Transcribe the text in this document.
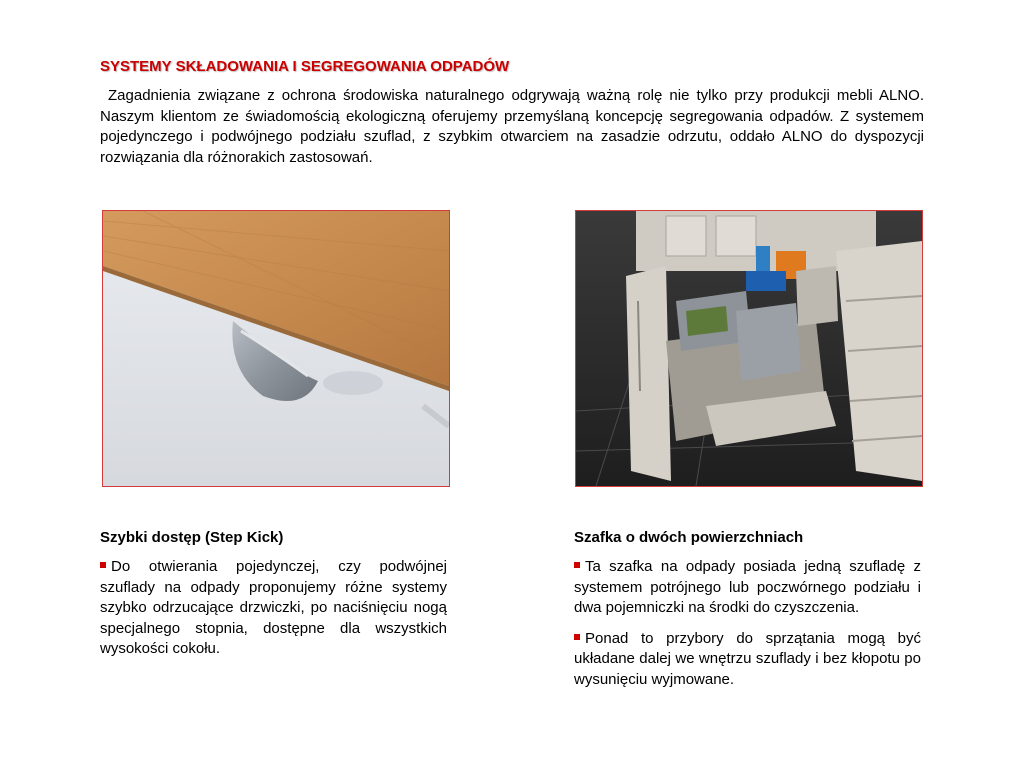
SYSTEMY SKŁADOWANIA I SEGREGOWANIA ODPADÓW

Zagadnienia związane z ochrona środowiska naturalnego odgrywają ważną rolę nie tylko przy produkcji mebli ALNO. Naszym klientom ze świadomością ekologiczną oferujemy przemyślaną koncepcję segregowania odpadów. Z systemem pojedynczego i podwójnego podziału szuflad, z szybkim otwarciem na zasadzie odrzutu, oddało ALNO do dyspozycji rozwiązania dla różnorakich zastosowań.

Szybki dostęp (Step Kick)

Do otwierania pojedynczej, czy podwójnej szuflady na odpady proponujemy różne systemy szybko odrzucające drzwiczki, po naciśnięciu nogą specjalnego stopnia, dostępne dla wszystkich wysokości cokołu.

Szafka o dwóch powierzchniach

Ta szafka na odpady posiada jedną szufladę z systemem potrójnego lub poczwórnego podziału i dwa pojemniczki na środki do czyszczenia.

Ponad to przybory do sprzątania mogą być układane dalej we wnętrzu szuflady i bez kłopotu po wysunięciu wyjmowane.
